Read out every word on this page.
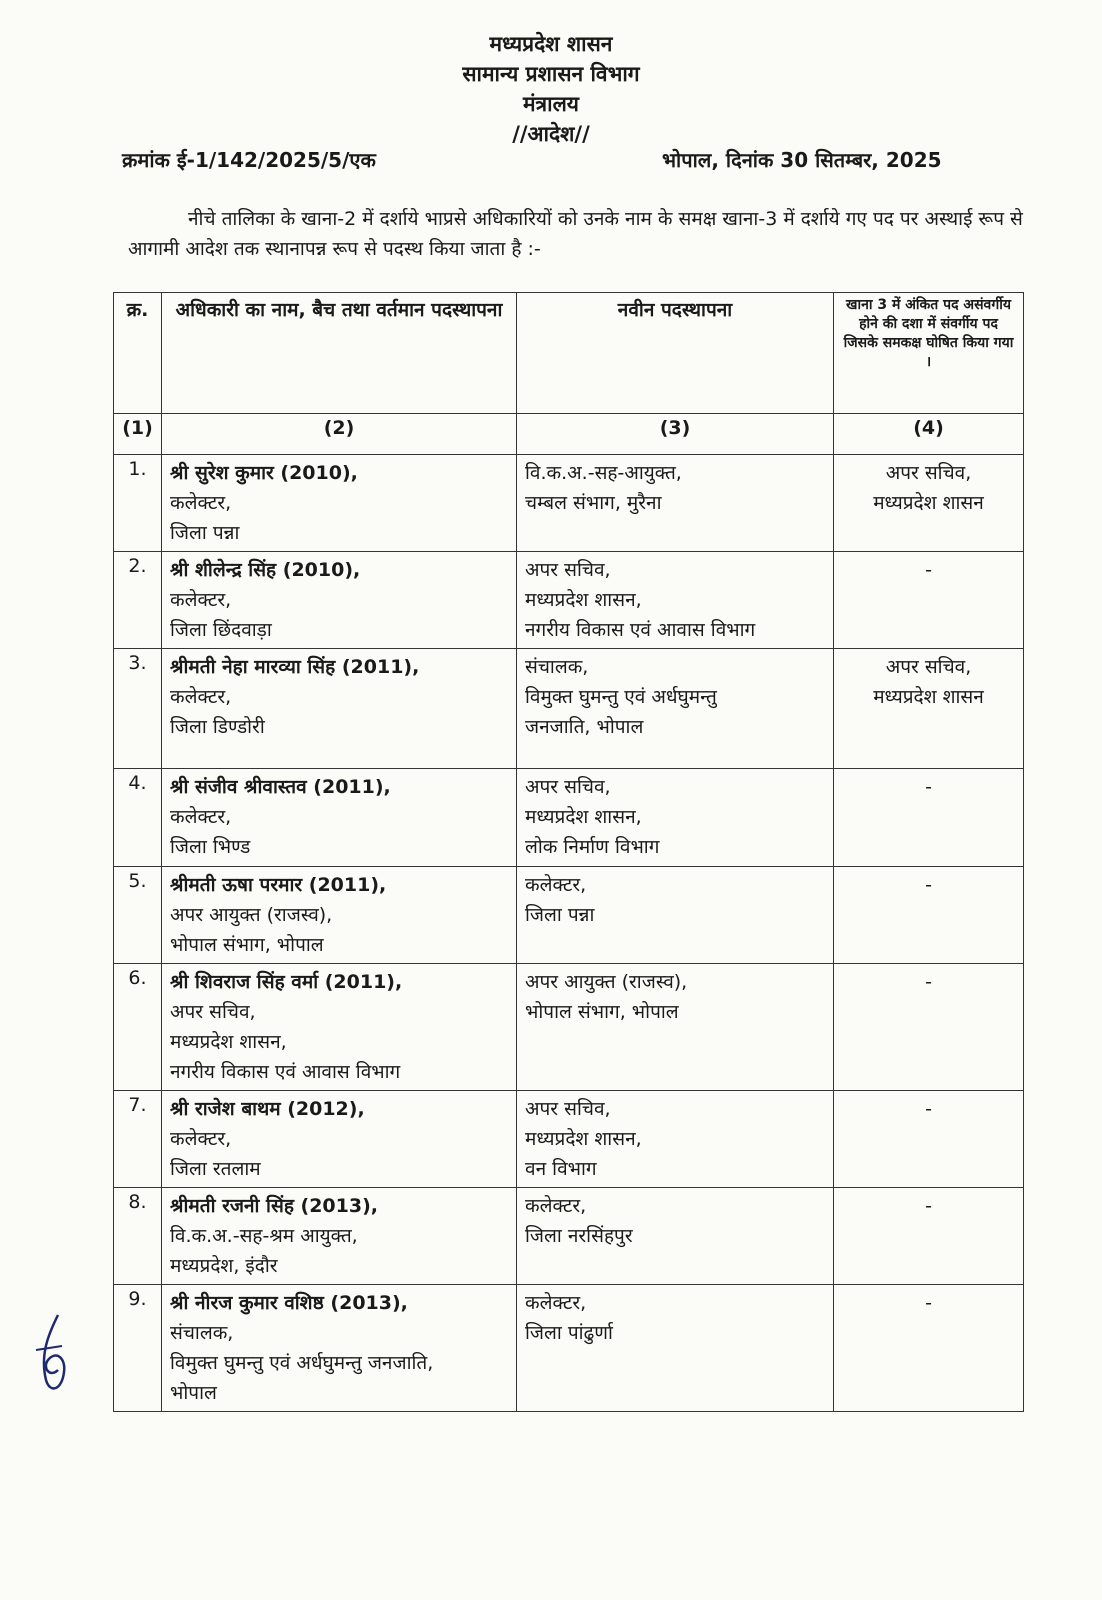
मध्यप्रदेश शासन
सामान्य प्रशासन विभाग
मंत्रालय
//आदेश//
क्रमांक ई-1/142/2025/5/एक	भोपाल, दिनांक 30 सितम्बर, 2025

नीचे तालिका के खाना-2 में दर्शाये भाप्रसे अधिकारियों को उनके नाम के समक्ष खाना-3 में दर्शाये गए पद पर अस्थाई रूप से आगामी आदेश तक स्थानापन्न रूप से पदस्थ किया जाता है :-

क्र.	अधिकारी का नाम, बैच तथा वर्तमान पदस्थापना	नवीन पदस्थापना	खाना 3 में अंकित पद असंवर्गीय होने की दशा में संवर्गीय पद जिसके समकक्ष घोषित किया गया ।
(1)	(2)	(3)	(4)
1.	श्री सुरेश कुमार (2010),
कलेक्टर,
जिला पन्ना	वि.क.अ.-सह-आयुक्त,
चम्बल संभाग, मुरैना	अपर सचिव,
मध्यप्रदेश शासन

2.	श्री शीलेन्द्र सिंह (2010),
कलेक्टर,
जिला छिंदवाड़ा	अपर सचिव,
मध्यप्रदेश शासन,
नगरीय विकास एवं आवास विभाग	-

3.	श्रीमती नेहा मारव्या सिंह (2011),
कलेक्टर,
जिला डिण्डोरी	संचालक,
विमुक्त घुमन्तु एवं अर्धघुमन्तु
जनजाति, भोपाल	अपर सचिव,
मध्यप्रदेश शासन

4.	श्री संजीव श्रीवास्तव (2011),
कलेक्टर,
जिला भिण्ड	अपर सचिव,
मध्यप्रदेश शासन,
लोक निर्माण विभाग	-

5.	श्रीमती ऊषा परमार (2011),
अपर आयुक्त (राजस्व),
भोपाल संभाग, भोपाल	कलेक्टर,
जिला पन्ना	-

6.	श्री शिवराज सिंह वर्मा (2011),
अपर सचिव,
मध्यप्रदेश शासन,
नगरीय विकास एवं आवास विभाग	अपर आयुक्त (राजस्व),
भोपाल संभाग, भोपाल	-

7.	श्री राजेश बाथम (2012),
कलेक्टर,
जिला रतलाम	अपर सचिव,
मध्यप्रदेश शासन,
वन विभाग	-

8.	श्रीमती रजनी सिंह (2013),
वि.क.अ.-सह-श्रम आयुक्त,
मध्यप्रदेश, इंदौर	कलेक्टर,
जिला नरसिंहपुर	-

9.	श्री नीरज कुमार वशिष्ठ (2013),
संचालक,
विमुक्त घुमन्तु एवं अर्धघुमन्तु जनजाति,
भोपाल	कलेक्टर,
जिला पांढुर्णा	-
